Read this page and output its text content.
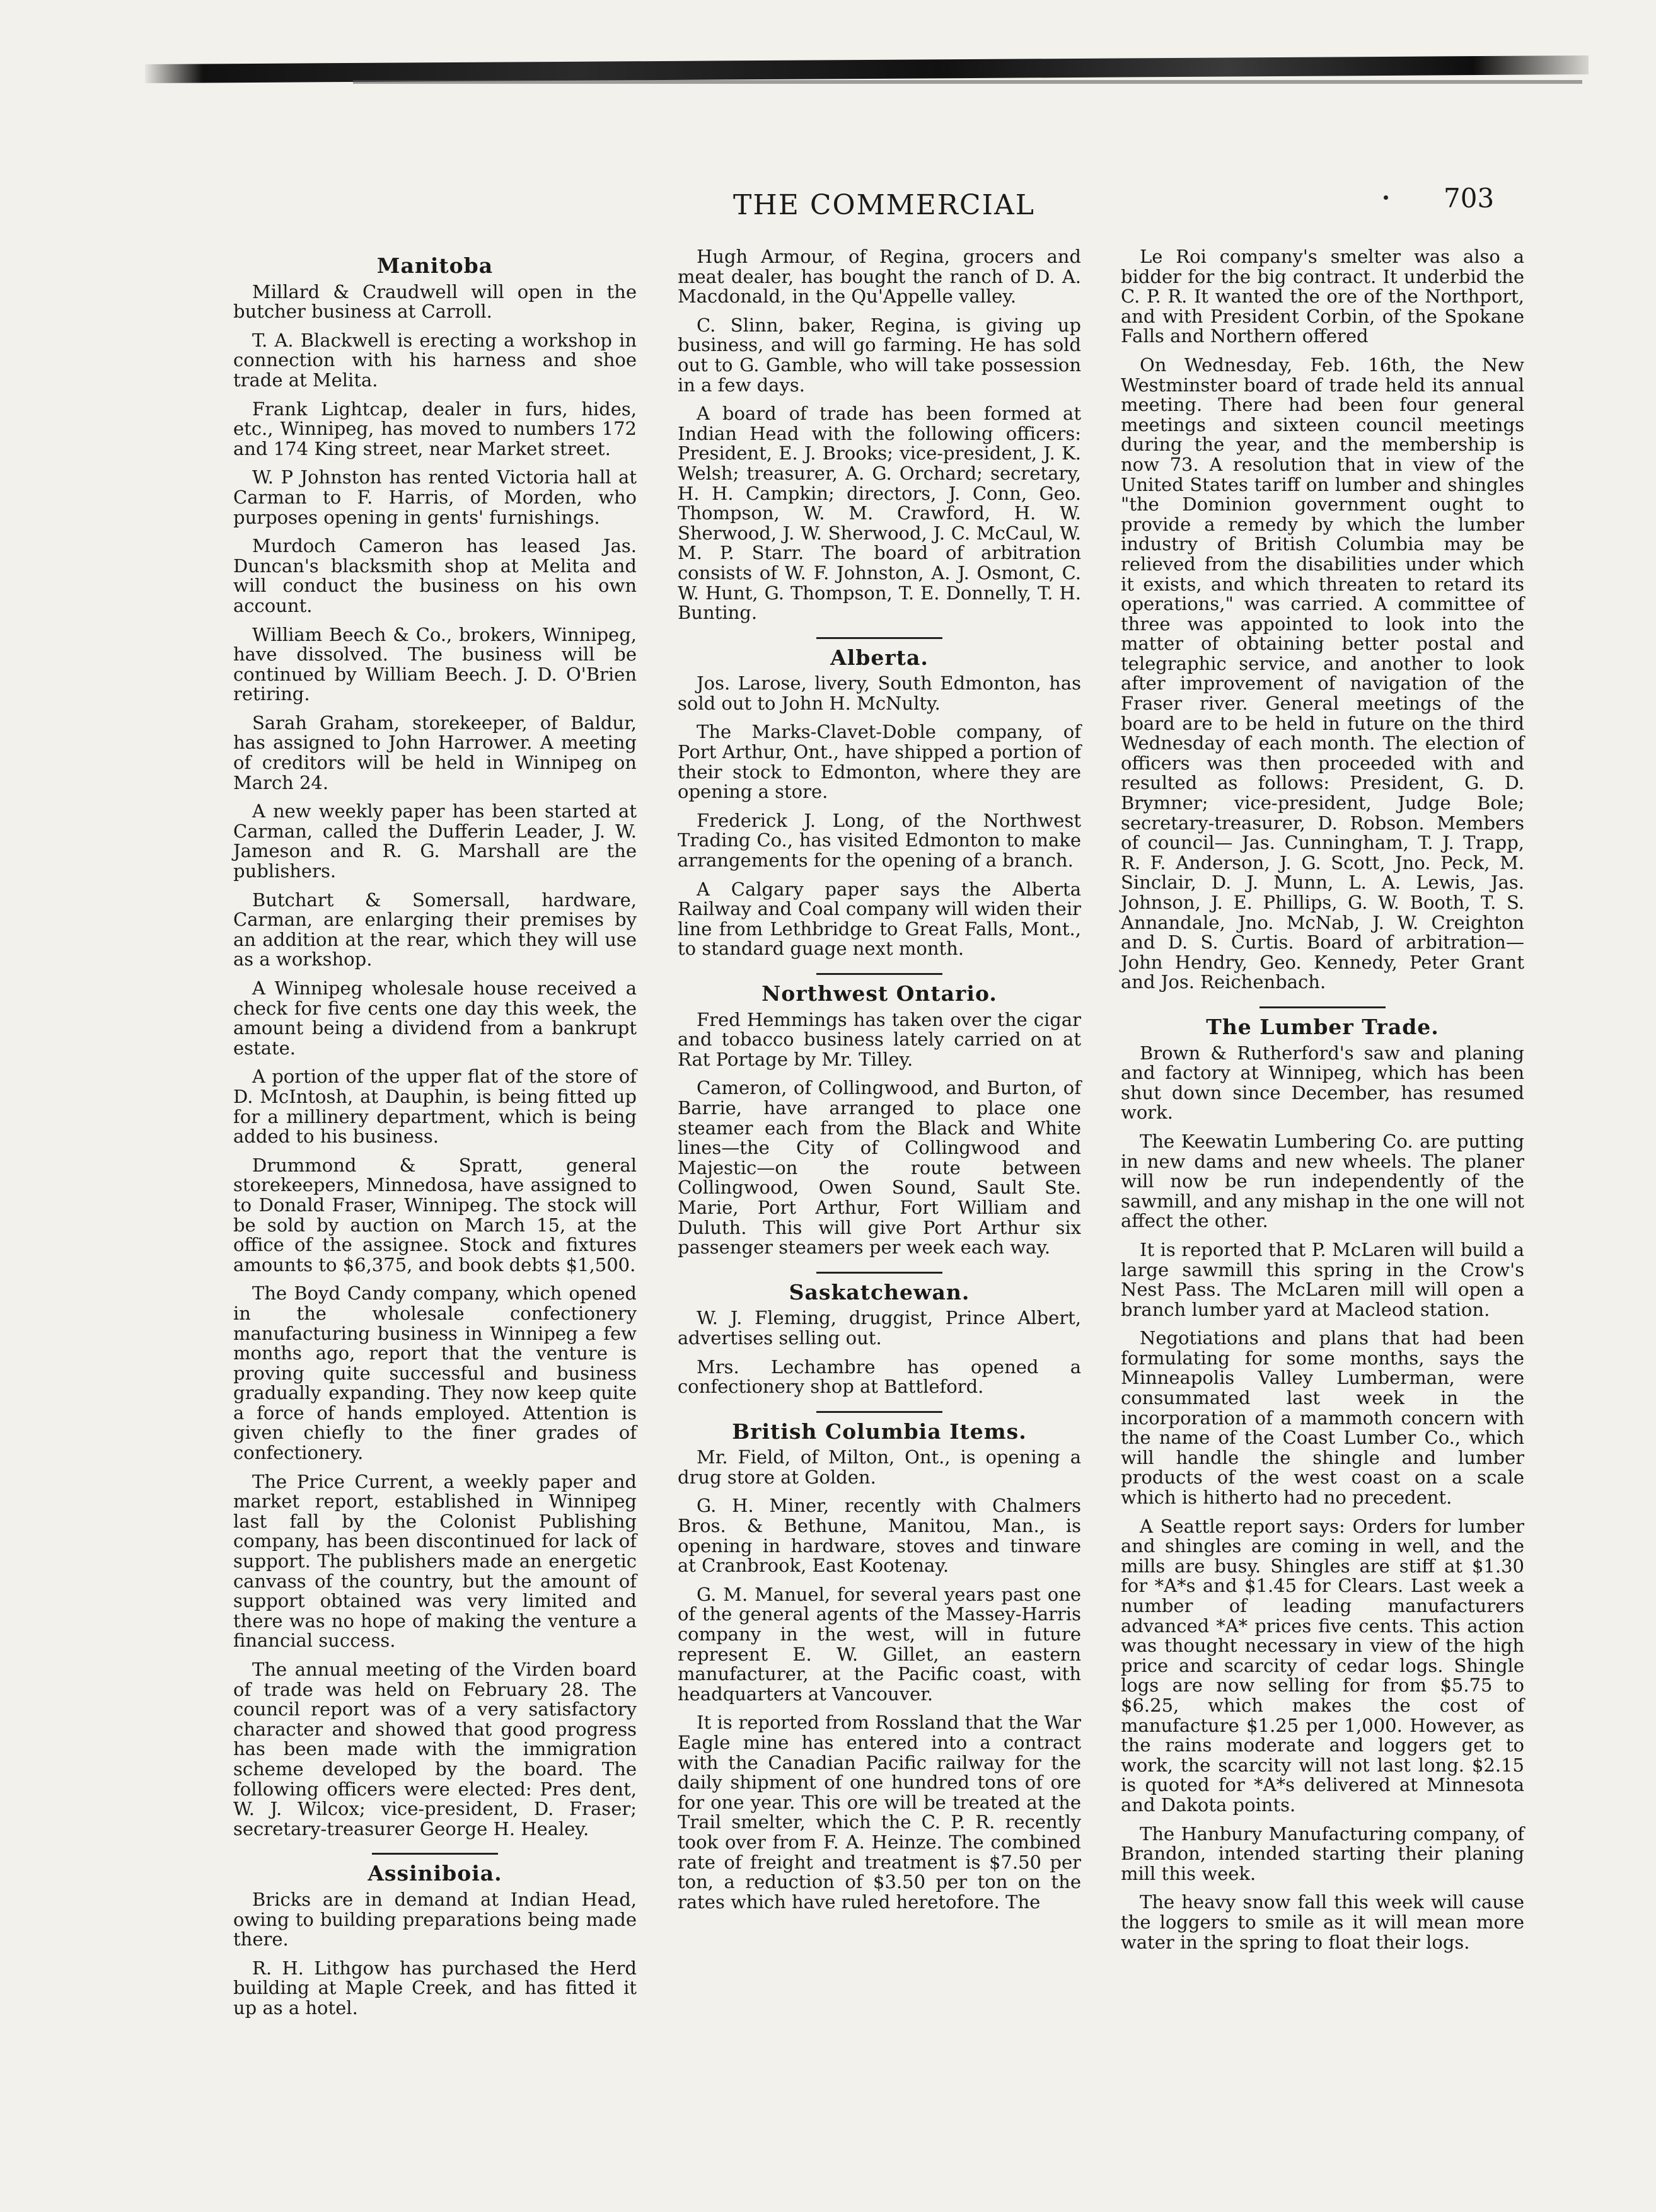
THE COMMERCIAL	703
Manitoba

Millard & Craudwell will open in the butcher business at Carroll.

T. A. Blackwell is erecting a workshop in connection with his harness and shoe trade at Melita.

Frank Lightcap, dealer in furs, hides, etc., Winnipeg, has moved to numbers 172 and 174 King street, near Market street.

W. P Johnston has rented Victoria hall at Carman to F. Harris, of Morden, who purposes opening in gents' furnishings.

Murdoch Cameron has leased Jas. Duncan's blacksmith shop at Melita and will conduct the business on his own account.

William Beech & Co., brokers, Winnipeg, have dissolved. The business will be continued by William Beech. J. D. O'Brien retiring.

Sarah Graham, storekeeper, of Baldur, has assigned to John Harrower. A meeting of creditors will be held in Winnipeg on March 24.

A new weekly paper has been started at Carman, called the Dufferin Leader, J. W. Jameson and R. G. Marshall are the publishers.

Butchart & Somersall, hardware, Carman, are enlarging their premises by an addition at the rear, which they will use as a workshop.

A Winnipeg wholesale house received a check for five cents one day this week, the amount being a dividend from a bankrupt estate.

A portion of the upper flat of the store of D. McIntosh, at Dauphin, is being fitted up for a millinery department, which is being added to his business.

Drummond & Spratt, general storekeepers, Minnedosa, have assigned to to Donald Fraser, Winnipeg. The stock will be sold by auction on March 15, at the office of the assignee. Stock and fixtures amounts to $6,375, and book debts $1,500.

The Boyd Candy company, which opened in the wholesale confectionery manufacturing business in Winnipeg a few months ago, report that the venture is proving quite successful and business gradually expanding. They now keep quite a force of hands employed. Attention is given chiefly to the finer grades of confectionery.

The Price Current, a weekly paper and market report, established in Winnipeg last fall by the Colonist Publishing company, has been discontinued for lack of support. The publishers made an energetic canvass of the country, but the amount of support obtained was very limited and there was no hope of making the venture a financial success.

The annual meeting of the Virden board of trade was held on February 28. The council report was of a very satisfactory character and showed that good progress has been made with the immigration scheme developed by the board. The following officers were elected: Pres dent, W. J. Wilcox; vice-president, D. Fraser; secretary-treasurer George H. Healey.

Assiniboia.

Bricks are in demand at Indian Head, owing to building preparations being made there.

R. H. Lithgow has purchased the Herd building at Maple Creek, and has fitted it up as a hotel.

Hugh Armour, of Regina, grocers and meat dealer, has bought the ranch of D. A. Macdonald, in the Qu'Appelle valley.

C. Slinn, baker, Regina, is giving up business, and will go farming. He has sold out to G. Gamble, who will take possession in a few days.

A board of trade has been formed at Indian Head with the following officers: President, E. J. Brooks; vice-president, J. K. Welsh; treasurer, A. G. Orchard; secretary, H. H. Campkin; directors, J. Conn, Geo. Thompson, W. M. Crawford, H. W. Sherwood, J. W. Sherwood, J. C. McCaul, W. M. P. Starr. The board of arbitration consists of W. F. Johnston, A. J. Osmont, C. W. Hunt, G. Thompson, T. E. Donnelly, T. H. Bunting.

Alberta.

Jos. Larose, livery, South Edmonton, has sold out to John H. McNulty.

The Marks-Clavet-Doble company, of Port Arthur, Ont., have shipped a portion of their stock to Edmonton, where they are opening a store.

Frederick J. Long, of the Northwest Trading Co., has visited Edmonton to make arrangements for the opening of a branch.

A Calgary paper says the Alberta Railway and Coal company will widen their line from Lethbridge to Great Falls, Mont., to standard guage next month.

Northwest Ontario.

Fred Hemmings has taken over the cigar and tobacco business lately carried on at Rat Portage by Mr. Tilley.

Cameron, of Collingwood, and Burton, of Barrie, have arranged to place one steamer each from the Black and White lines—the City of Collingwood and Majestic—on the route between Collingwood, Owen Sound, Sault Ste. Marie, Port Arthur, Fort William and Duluth. This will give Port Arthur six passenger steamers per week each way.

Saskatchewan.

W. J. Fleming, druggist, Prince Albert, advertises selling out.

Mrs. Lechambre has opened a confectionery shop at Battleford.

British Columbia Items.

Mr. Field, of Milton, Ont., is opening a drug store at Golden.

G. H. Miner, recently with Chalmers Bros. & Bethune, Manitou, Man., is opening in hardware, stoves and tinware at Cranbrook, East Kootenay.

G. M. Manuel, for several years past one of the general agents of the Massey-Harris company in the west, will in future represent E. W. Gillet, an eastern manufacturer, at the Pacific coast, with headquarters at Vancouver.

It is reported from Rossland that the War Eagle mine has entered into a contract with the Canadian Pacific railway for the daily shipment of one hundred tons of ore for one year. This ore will be treated at the Trail smelter, which the C. P. R. recently took over from F. A. Heinze. The combined rate of freight and treatment is $7.50 per ton, a reduction of $3.50 per ton on the rates which have ruled heretofore. The

Le Roi company's smelter was also a bidder for the big contract. It underbid the C. P. R. It wanted the ore of the Northport, and with President Corbin, of the Spokane Falls and Northern offered

On Wednesday, Feb. 16th, the New Westminster board of trade held its annual meeting. There had been four general meetings and sixteen council meetings during the year, and the membership is now 73. A resolution that in view of the United States tariff on lumber and shingles "the Dominion government ought to provide a remedy by which the lumber industry of British Columbia may be relieved from the disabilities under which it exists, and which threaten to retard its operations," was carried. A committee of three was appointed to look into the matter of obtaining better postal and telegraphic service, and another to look after improvement of navigation of the Fraser river. General meetings of the board are to be held in future on the third Wednesday of each month. The election of officers was then proceeded with and resulted as follows: President, G. D. Brymner; vice-president, Judge Bole; secretary-treasurer, D. Robson. Members of council— Jas. Cunningham, T. J. Trapp, R. F. Anderson, J. G. Scott, Jno. Peck, M. Sinclair, D. J. Munn, L. A. Lewis, Jas. Johnson, J. E. Phillips, G. W. Booth, T. S. Annandale, Jno. McNab, J. W. Creighton and D. S. Curtis. Board of arbitration—John Hendry, Geo. Kennedy, Peter Grant and Jos. Reichenbach.

The Lumber Trade.

Brown & Rutherford's saw and planing and factory at Winnipeg, which has been shut down since December, has resumed work.

The Keewatin Lumbering Co. are putting in new dams and new wheels. The planer will now be run independently of the sawmill, and any mishap in the one will not affect the other.

It is reported that P. McLaren will build a large sawmill this spring in the Crow's Nest Pass. The McLaren mill will open a branch lumber yard at Macleod station.

Negotiations and plans that had been formulating for some months, says the Minneapolis Valley Lumberman, were consummated last week in the incorporation of a mammoth concern with the name of the Coast Lumber Co., which will handle the shingle and lumber products of the west coast on a scale which is hitherto had no precedent.

A Seattle report says: Orders for lumber and shingles are coming in well, and the mills are busy. Shingles are stiff at $1.30 for *A*s and $1.45 for Clears. Last week a number of leading manufacturers advanced *A* prices five cents. This action was thought necessary in view of the high price and scarcity of cedar logs. Shingle logs are now selling for from $5.75 to $6.25, which makes the cost of manufacture $1.25 per 1,000. However, as the rains moderate and loggers get to work, the scarcity will not last long. $2.15 is quoted for *A*s delivered at Minnesota and Dakota points.

The Hanbury Manufacturing company, of Brandon, intended starting their planing mill this week.

The heavy snow fall this week will cause the loggers to smile as it will mean more water in the spring to float their logs.
